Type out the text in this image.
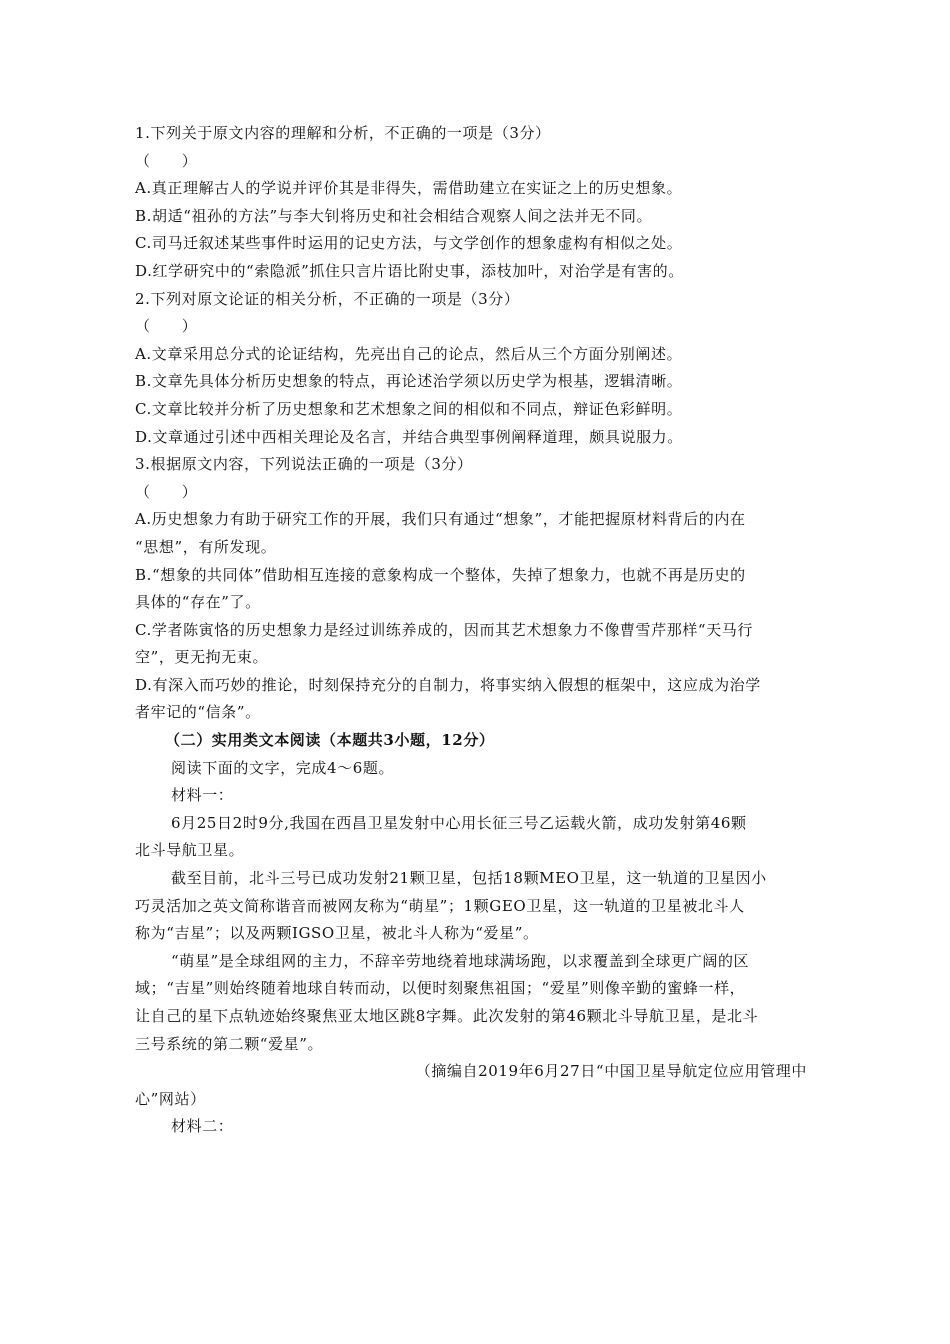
1.下列关于原文内容的理解和分析，不正确的一项是（3分）
（　　）
A.真正理解古人的学说并评价其是非得失，需借助建立在实证之上的历史想象。
B.胡适“祖孙的方法”与李大钊将历史和社会相结合观察人间之法并无不同。
C.司马迁叙述某些事件时运用的记史方法，与文学创作的想象虚构有相似之处。
D.红学研究中的“索隐派”抓住只言片语比附史事，添枝加叶，对治学是有害的。
2.下列对原文论证的相关分析，不正确的一项是（3分）
（　　）
A.文章采用总分式的论证结构，先亮出自己的论点，然后从三个方面分别阐述。
B.文章先具体分析历史想象的特点，再论述治学须以历史学为根基，逻辑清晰。
C.文章比较并分析了历史想象和艺术想象之间的相似和不同点，辩证色彩鲜明。
D.文章通过引述中西相关理论及名言，并结合典型事例阐释道理，颇具说服力。
3.根据原文内容，下列说法正确的一项是（3分）
（　　）
A.历史想象力有助于研究工作的开展，我们只有通过“想象”，才能把握原材料背后的内在
“思想”，有所发现。
B.“想象的共同体”借助相互连接的意象构成一个整体，失掉了想象力，也就不再是历史的
具体的“存在”了。
C.学者陈寅恪的历史想象力是经过训练养成的，因而其艺术想象力不像曹雪芹那样“天马行
空”，更无拘无束。
D.有深入而巧妙的推论，时刻保持充分的自制力，将事实纳入假想的框架中，这应成为治学
者牢记的“信条”。
（二）实用类文本阅读（本题共3小题，12分）
阅读下面的文字，完成4～6题。
材料一：
6月25日2时9分,我国在西昌卫星发射中心用长征三号乙运载火箭，成功发射第46颗
北斗导航卫星。
截至目前，北斗三号已成功发射21颗卫星，包括18颗MEO卫星，这一轨道的卫星因小
巧灵活加之英文简称谐音而被网友称为“萌星”；1颗GEO卫星，这一轨道的卫星被北斗人
称为“吉星”；以及两颗IGSO卫星，被北斗人称为“爱星”。
“萌星”是全球组网的主力，不辞辛劳地绕着地球满场跑，以求覆盖到全球更广阔的区
域；“吉星”则始终随着地球自转而动，以便时刻聚焦祖国；“爱星”则像辛勤的蜜蜂一样，
让自己的星下点轨迹始终聚焦亚太地区跳8字舞。此次发射的第46颗北斗导航卫星，是北斗
三号系统的第二颗“爱星”。
（摘编自2019年6月27日“中国卫星导航定位应用管理中
心”网站）
材料二：
